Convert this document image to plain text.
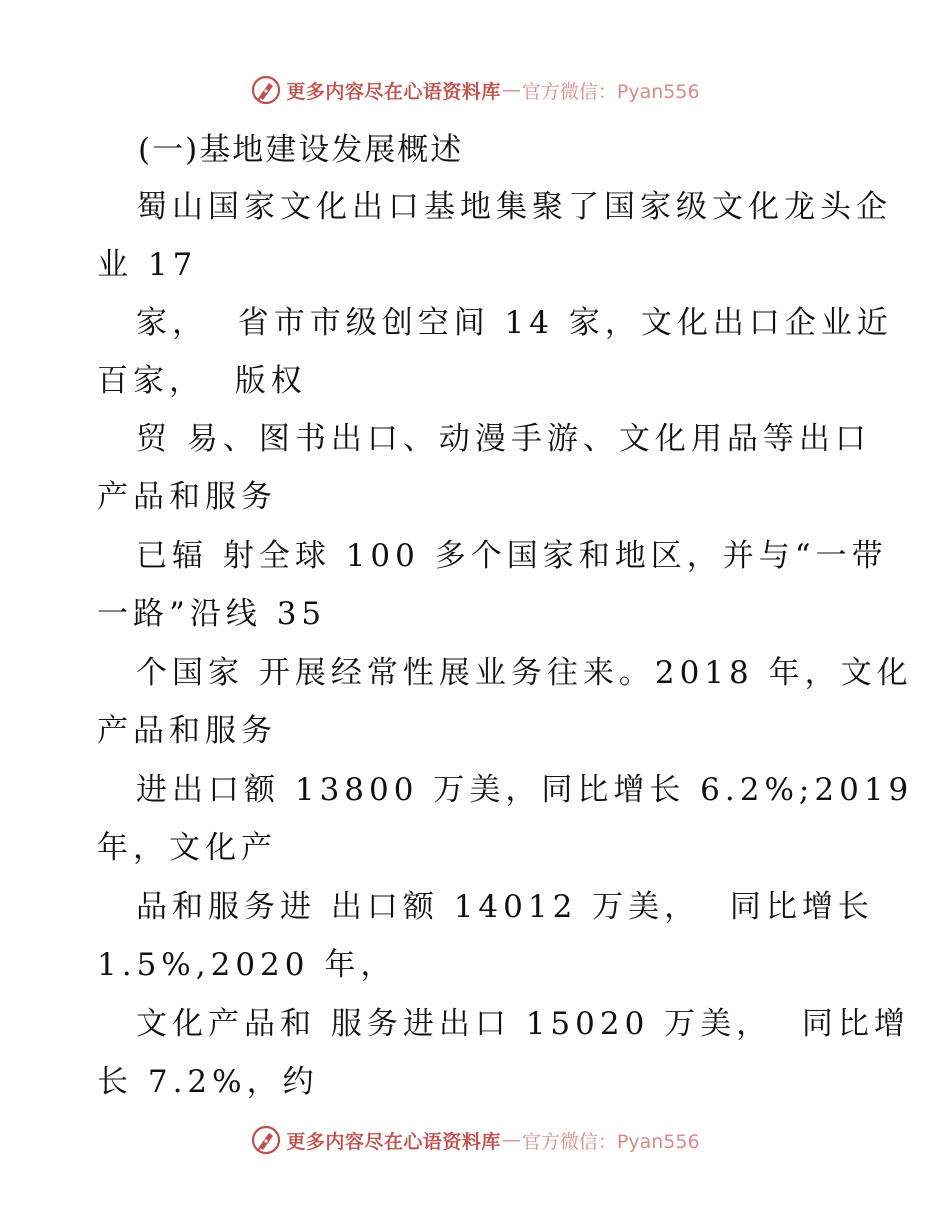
更多内容尽在心语资料库 — 官方微信：Pyan556
(一)基地建设发展概述
蜀山国家文化出口基地集聚了国家级文化龙头企
业 17
家，  省市市级创空间 14 家，文化出口企业近
百家，  版权
贸 易、图书出口、动漫手游、文化用品等出口
产品和服务
已辐 射全球 100 多个国家和地区，并与“一带
一路”沿线 35
个国家 开展经常性展业务往来。2018 年，文化
产品和服务
进出口额 13800 万美，同比增长 6.2%;2019
年，文化产
品和服务进 出口额 14012 万美，  同比增长
1.5%,2020 年，
文化产品和 服务进出口 15020 万美，  同比增
长 7.2%，约
更多内容尽在心语资料库 — 官方微信：Pyan556
